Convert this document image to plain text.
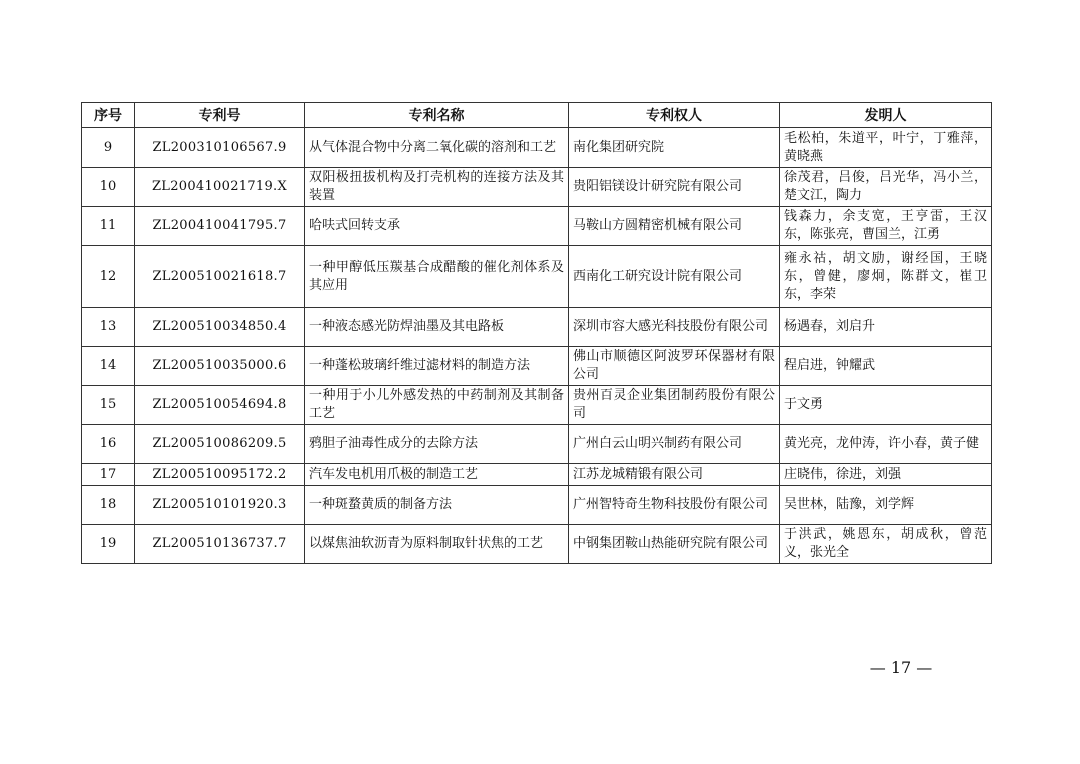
序号	专利号	专利名称	专利权人	发明人
9	ZL200310106567.9	从气体混合物中分离二氧化碳的溶剂和工艺	南化集团研究院	毛松柏，朱道平，叶宁，丁雅萍，黄晓燕
10	ZL200410021719.X	双阳极扭拔机构及打壳机构的连接方法及其装置	贵阳铝镁设计研究院有限公司	徐茂君，吕俊，吕光华，冯小兰，楚文江，陶力
11	ZL200410041795.7	哈呋式回转支承	马鞍山方圆精密机械有限公司	钱森力，余支宽，王亨雷，王汉东，陈张亮，曹国兰，江勇
12	ZL200510021618.7	一种甲醇低压羰基合成醋酸的催化剂体系及其应用	西南化工研究设计院有限公司	雍永祜，胡文励，谢经国，王晓东，曾健，廖炯，陈群文，崔卫东，李荣
13	ZL200510034850.4	一种液态感光防焊油墨及其电路板	深圳市容大感光科技股份有限公司	杨遇春，刘启升
14	ZL200510035000.6	一种蓬松玻璃纤维过滤材料的制造方法	佛山市顺德区阿波罗环保器材有限公司	程启进，钟耀武
15	ZL200510054694.8	一种用于小儿外感发热的中药制剂及其制备工艺	贵州百灵企业集团制药股份有限公司	于文勇
16	ZL200510086209.5	鸦胆子油毒性成分的去除方法	广州白云山明兴制药有限公司	黄光亮，龙仲涛，许小春，黄子健
17	ZL200510095172.2	汽车发电机用爪极的制造工艺	江苏龙城精锻有限公司	庄晓伟，徐进，刘强
18	ZL200510101920.3	一种斑蝥黄质的制备方法	广州智特奇生物科技股份有限公司	吴世林，陆豫，刘学辉
19	ZL200510136737.7	以煤焦油软沥青为原料制取针状焦的工艺	中钢集团鞍山热能研究院有限公司	于洪武，姚恩东，胡成秋，曾范义，张光全
— 17 —
